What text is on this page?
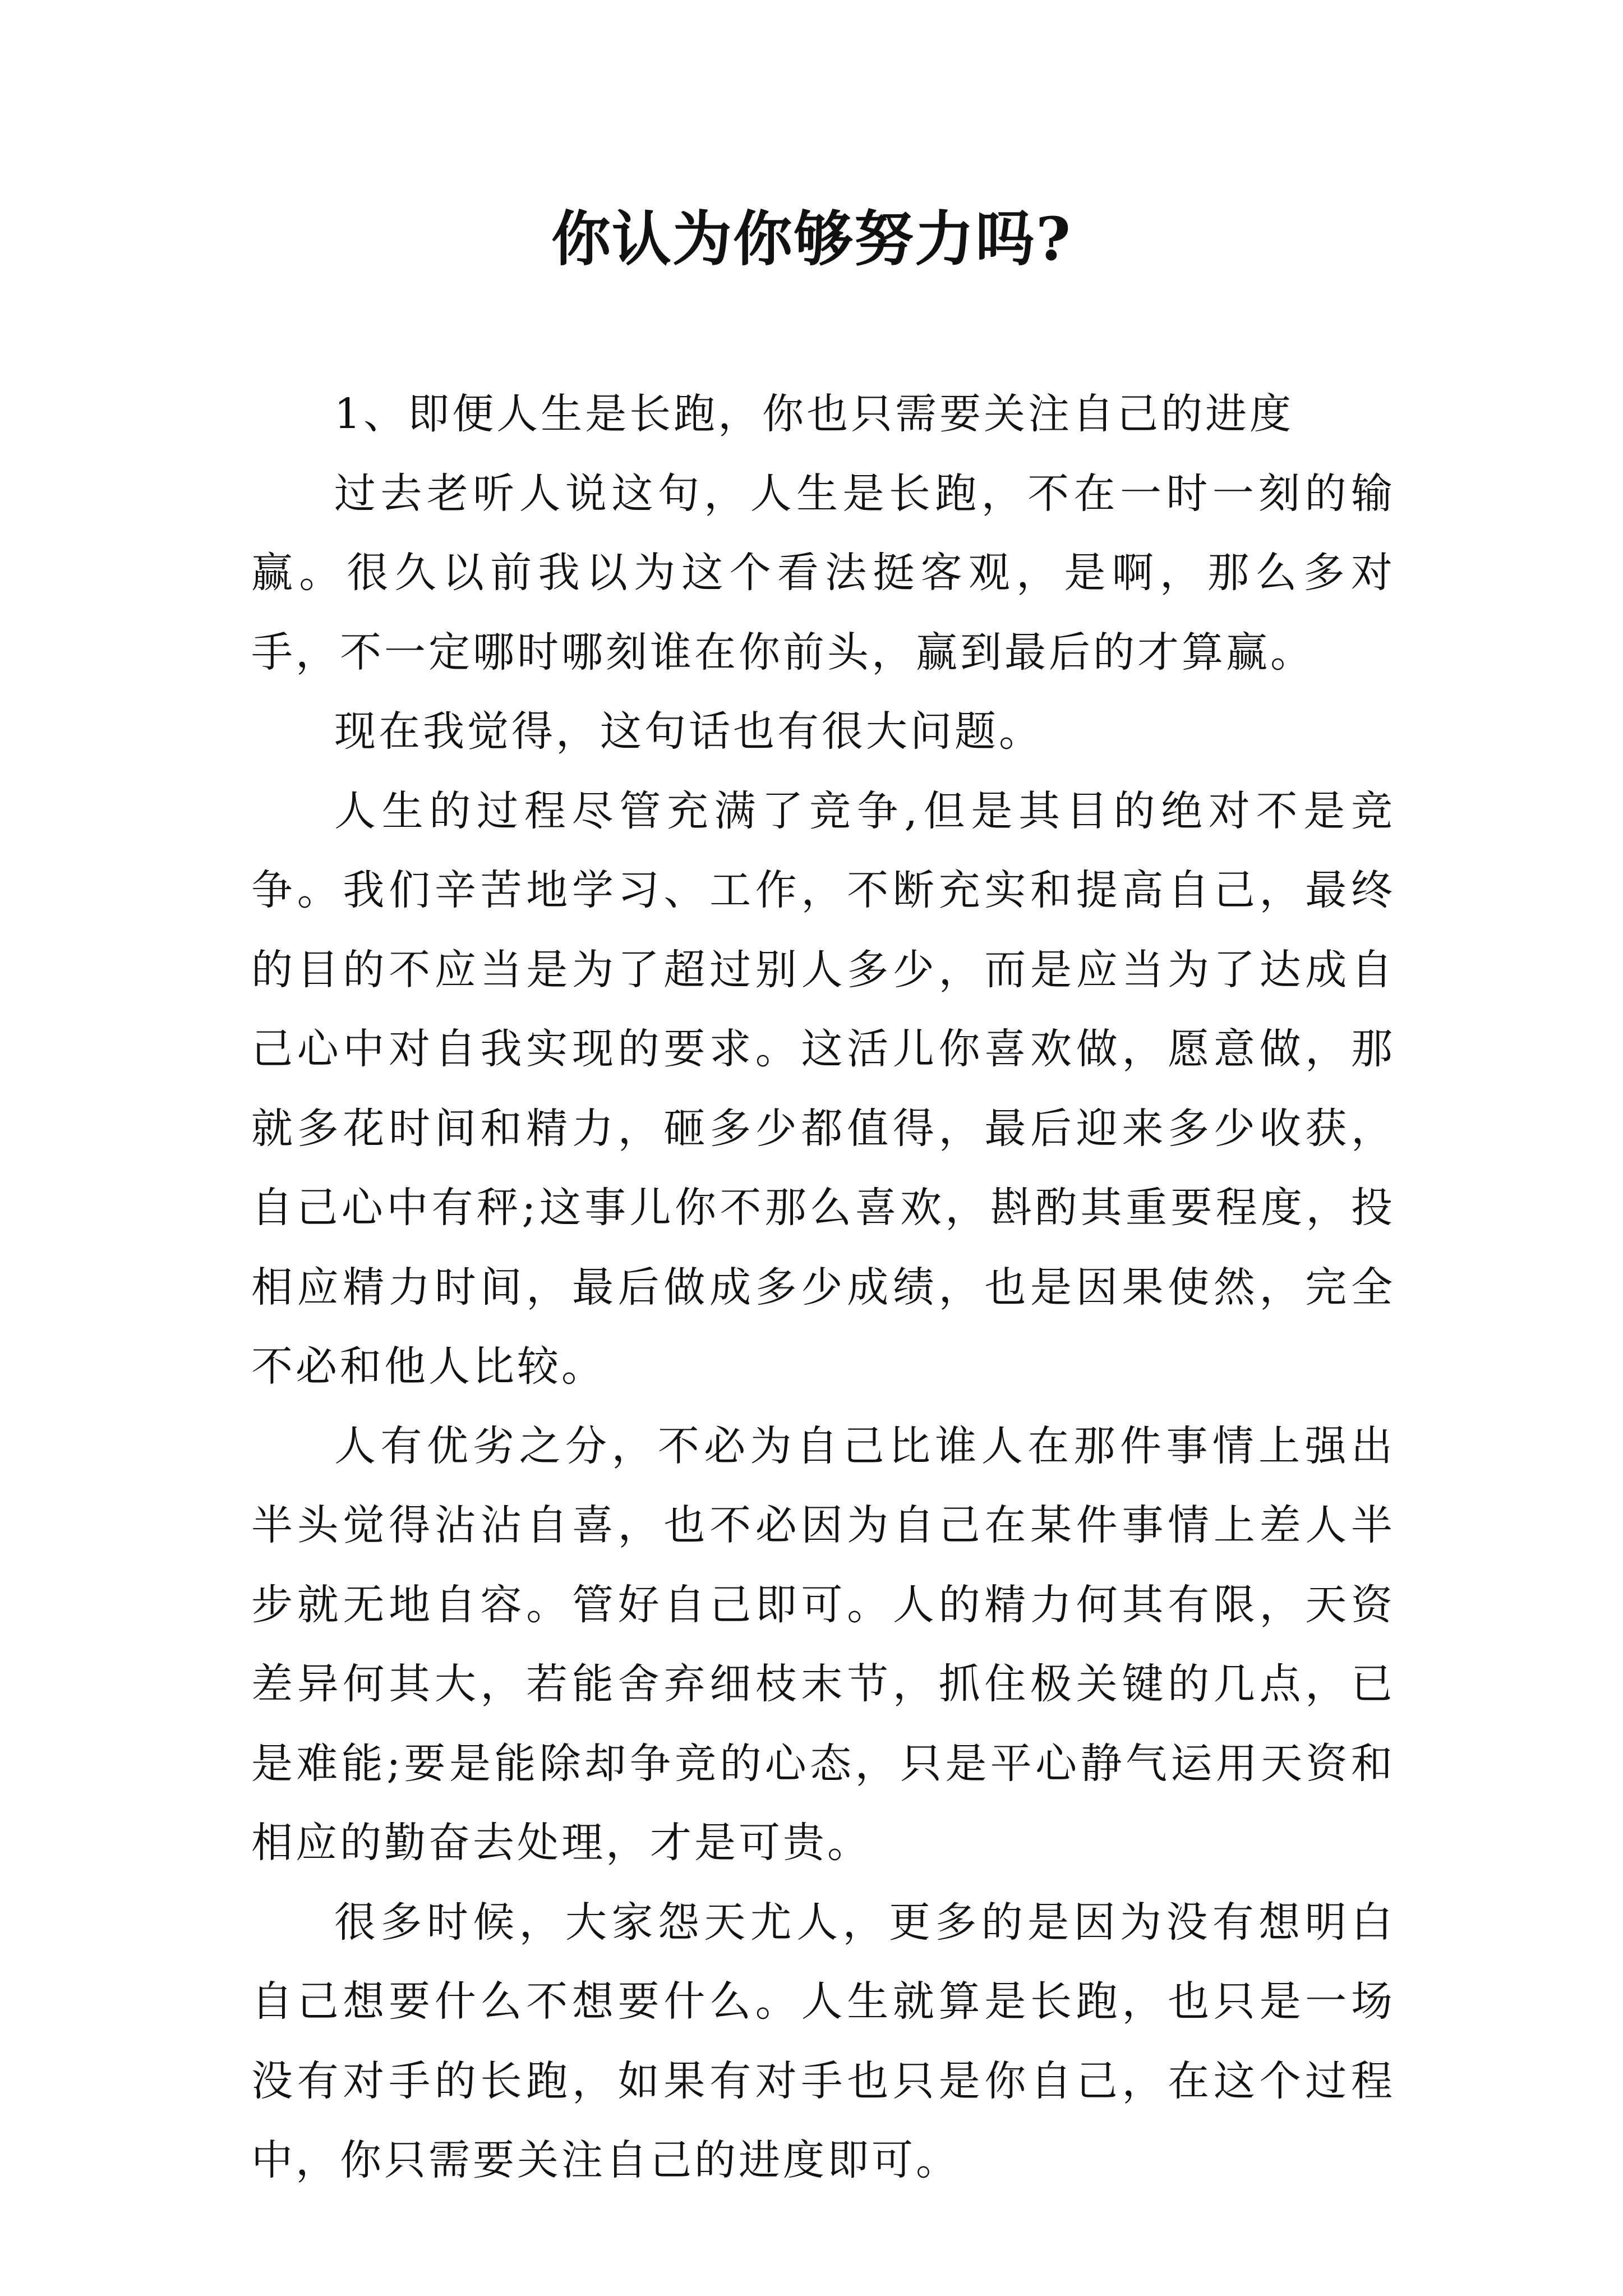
你认为你够努力吗?

1、即便人生是长跑，你也只需要关注自己的进度

过去老听人说这句，人生是长跑，不在一时一刻的输赢。很久以前我以为这个看法挺客观，是啊，那么多对手，不一定哪时哪刻谁在你前头，赢到最后的才算赢。

现在我觉得，这句话也有很大问题。

人生的过程尽管充满了竞争,但是其目的绝对不是竞争。我们辛苦地学习、工作，不断充实和提高自己，最终的目的不应当是为了超过别人多少，而是应当为了达成自己心中对自我实现的要求。这活儿你喜欢做，愿意做，那就多花时间和精力，砸多少都值得，最后迎来多少收获，自己心中有秤;这事儿你不那么喜欢，斟酌其重要程度，投相应精力时间，最后做成多少成绩，也是因果使然，完全不必和他人比较。

人有优劣之分，不必为自己比谁人在那件事情上强出半头觉得沾沾自喜，也不必因为自己在某件事情上差人半步就无地自容。管好自己即可。人的精力何其有限，天资差异何其大，若能舍弃细枝末节，抓住极关键的几点，已是难能;要是能除却争竞的心态，只是平心静气运用天资和相应的勤奋去处理，才是可贵。

很多时候，大家怨天尤人，更多的是因为没有想明白自己想要什么不想要什么。人生就算是长跑，也只是一场没有对手的长跑，如果有对手也只是你自己，在这个过程中，你只需要关注自己的进度即可。
